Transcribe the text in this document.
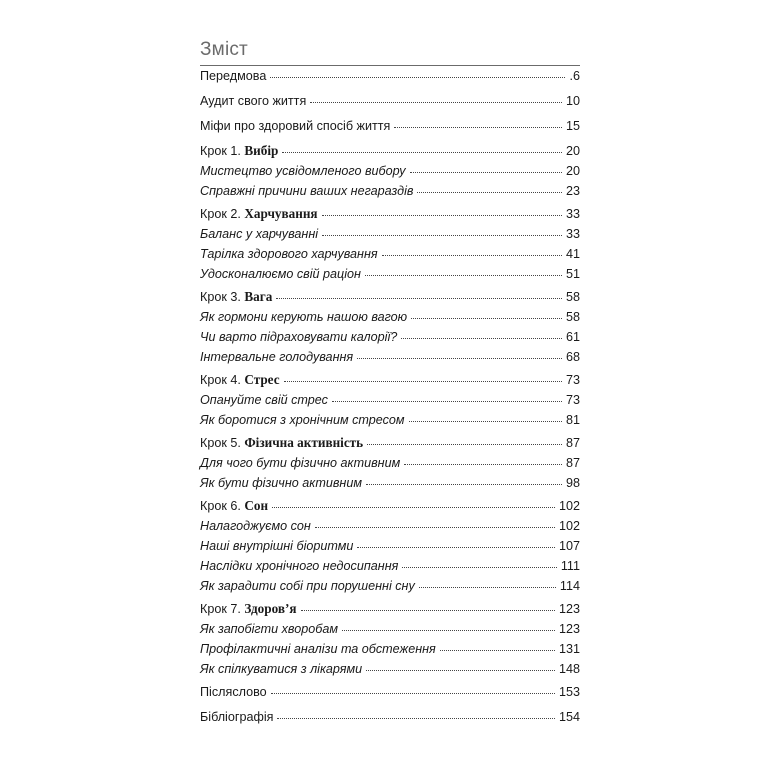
Зміст
Передмова	.6
Аудит свого життя	10
Міфи про здоровий спосіб життя	15
Крок 1. Вибір	20
Мистецтво усвідомленого вибору	20
Справжні причини ваших негараздів	23
Крок 2. Харчування	33
Баланс у харчуванні	33
Тарілка здорового харчування	41
Удосконалюємо свій раціон	51
Крок 3. Вага	58
Як гормони керують нашою вагою	58
Чи варто підраховувати калорії?	61
Інтервальне голодування	68
Крок 4. Стрес	73
Опануйте свій стрес	73
Як боротися з хронічним стресом	81
Крок 5. Фізична активність	87
Для чого бути фізично активним	87
Як бути фізично активним	98
Крок 6. Сон	102
Налагоджуємо сон	102
Наші внутрішні біоритми	107
Наслідки хронічного недосипання	111
Як зарадити собі при порушенні сну	114
Крок 7. Здоров’я	123
Як запобігти хворобам	123
Профілактичні аналізи та обстеження	131
Як спілкуватися з лікарями	148
Післяслово	153
Бібліографія	154
